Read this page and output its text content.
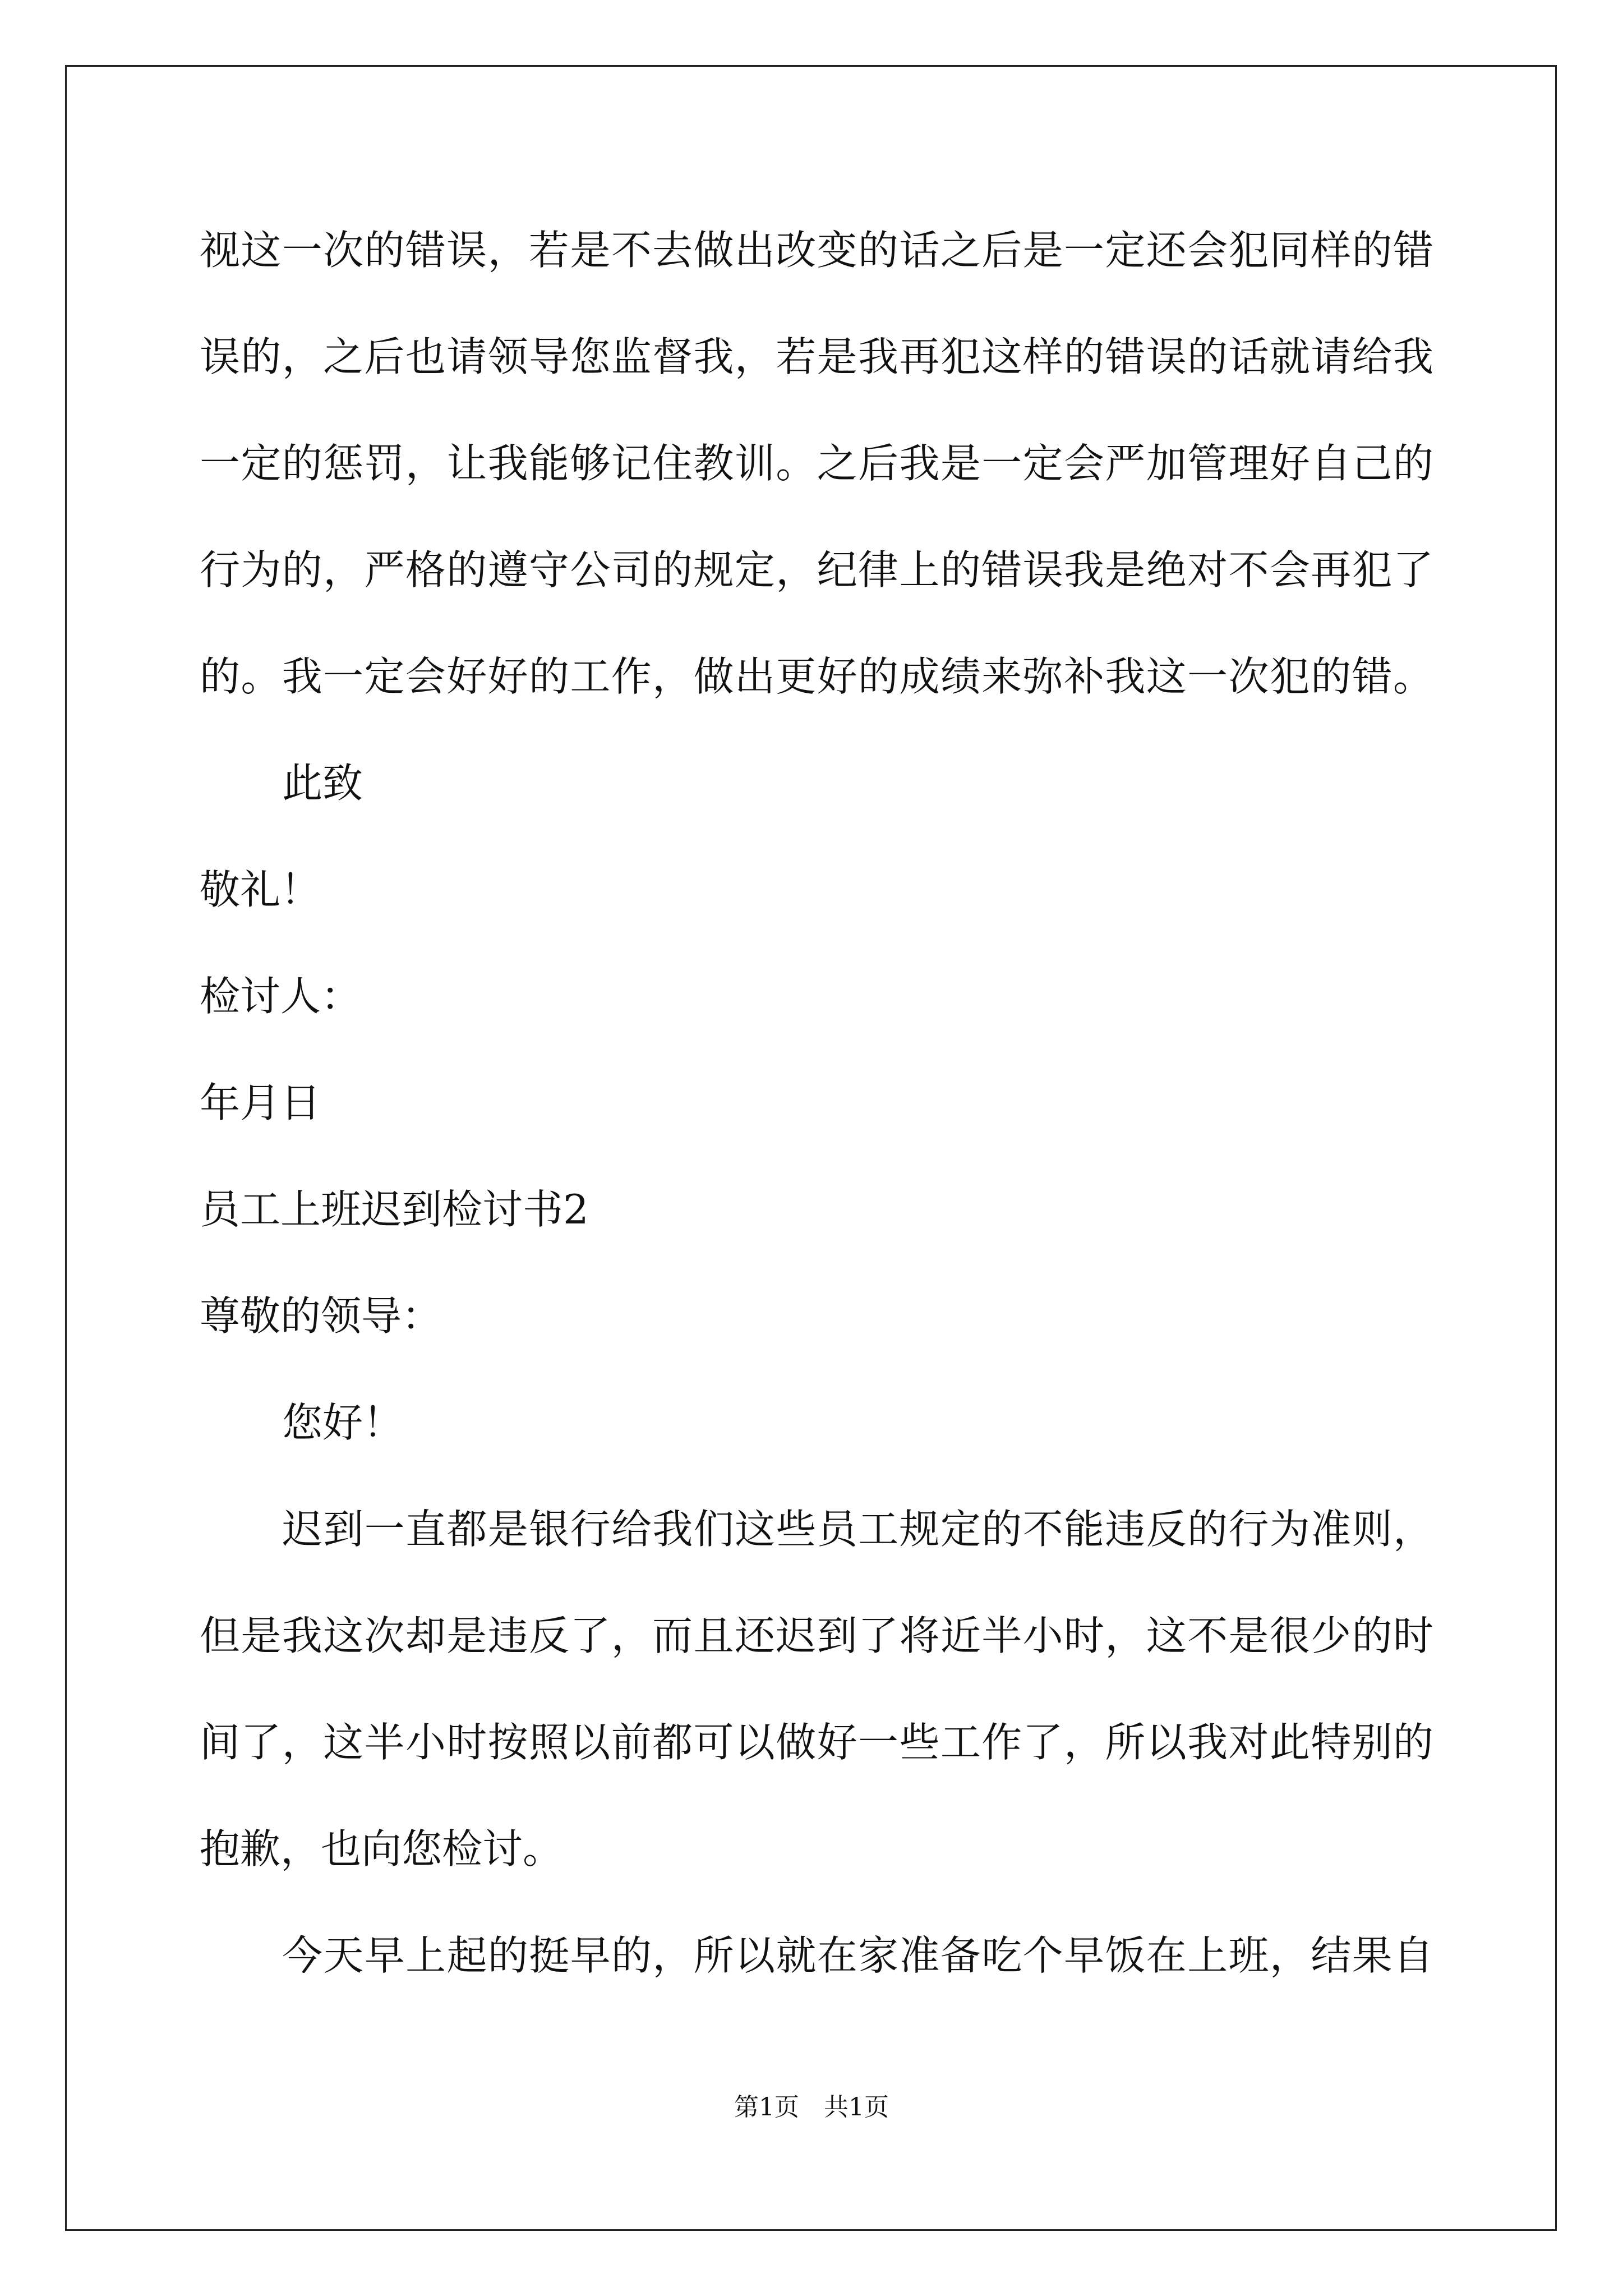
视这一次的错误，若是不去做出改变的话之后是一定还会犯同样的错
误的，之后也请领导您监督我，若是我再犯这样的错误的话就请给我
一定的惩罚，让我能够记住教训。之后我是一定会严加管理好自己的
行为的，严格的遵守公司的规定，纪律上的错误我是绝对不会再犯了
的。我一定会好好的工作，做出更好的成绩来弥补我这一次犯的错。
此致
敬礼！
检讨人：
年月日
员工上班迟到检讨书2
尊敬的领导：
您好！
迟到一直都是银行给我们这些员工规定的不能违反的行为准则，
但是我这次却是违反了，而且还迟到了将近半小时，这不是很少的时
间了，这半小时按照以前都可以做好一些工作了，所以我对此特别的
抱歉，也向您检讨。
今天早上起的挺早的，所以就在家准备吃个早饭在上班，结果自
第1页　共1页
